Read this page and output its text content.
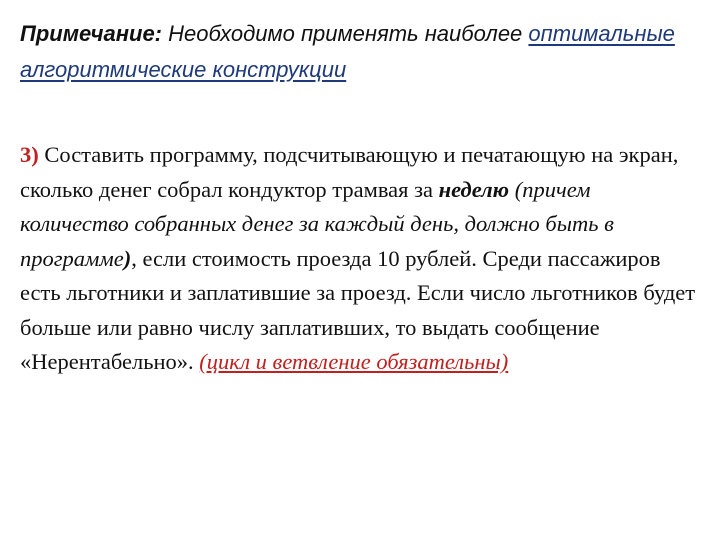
Примечание: Необходимо применять наиболее оптимальные алгоритмические конструкции
3) Составить программу, подсчитывающую и печатающую на экран, сколько денег собрал кондуктор трамвая за неделю (причем количество собранных денег за каждый день, должно быть в программе), если стоимость проезда 10 рублей. Среди пассажиров есть льготники и заплатившие за проезд. Если число льготников будет больше или равно числу заплативших, то выдать сообщение «Нерентабельно». (цикл и ветвление обязательны)
